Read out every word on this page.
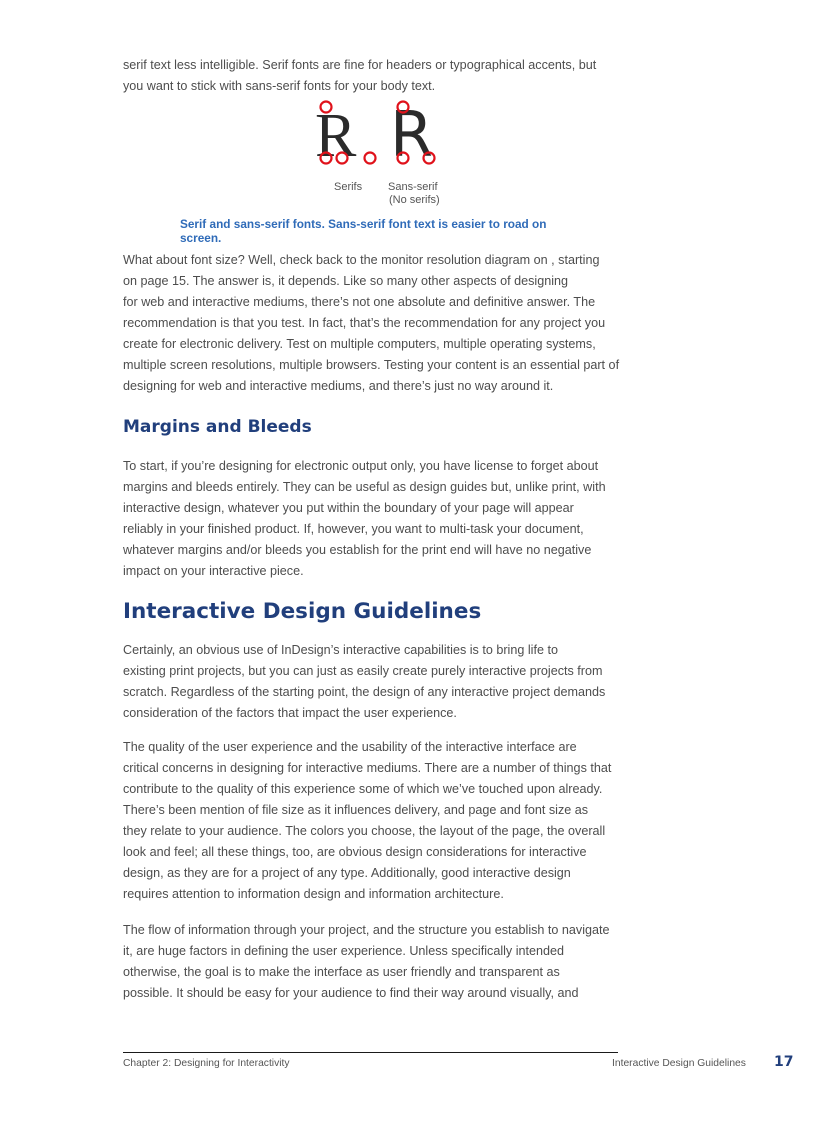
serif text less intelligible. Serif fonts are fine for headers or typographical accents, but

you want to stick with sans-serif fonts for your body text.

R R
Serifs Sans-serif
(No serifs)

Serif and sans-serif fonts. Sans-serif font text is easier to road on screen.

What about font size? Well, check back to the monitor resolution diagram on , starting

on page 15. The answer is, it depends. Like so many other aspects of designing

for web and interactive mediums, there’s not one absolute and definitive answer. The

recommendation is that you test. In fact, that’s the recommendation for any project you

create for electronic delivery. Test on multiple computers, multiple operating systems,

multiple screen resolutions, multiple browsers. Testing your content is an essential part of

designing for web and interactive mediums, and there’s just no way around it.

Margins and Bleeds

To start, if you’re designing for electronic output only, you have license to forget about

margins and bleeds entirely. They can be useful as design guides but, unlike print, with

interactive design, whatever you put within the boundary of your page will appear

reliably in your finished product. If, however, you want to multi-task your document,

whatever margins and/or bleeds you establish for the print end will have no negative

impact on your interactive piece.

Interactive Design Guidelines

Certainly, an obvious use of InDesign’s interactive capabilities is to bring life to

existing print projects, but you can just as easily create purely interactive projects from

scratch. Regardless of the starting point, the design of any interactive project demands

consideration of the factors that impact the user experience.

The quality of the user experience and the usability of the interactive interface are

critical concerns in designing for interactive mediums. There are a number of things that

contribute to the quality of this experience some of which we’ve touched upon already.

There’s been mention of file size as it influences delivery, and page and font size as

they relate to your audience. The colors you choose, the layout of the page, the overall

look and feel; all these things, too, are obvious design considerations for interactive

design, as they are for a project of any type. Additionally, good interactive design

requires attention to information design and information architecture.

The flow of information through your project, and the structure you establish to navigate

it, are huge factors in defining the user experience. Unless specifically intended

otherwise, the goal is to make the interface as user friendly and transparent as

possible. It should be easy for your audience to find their way around visually, and

Chapter 2: Designing for Interactivity	Interactive Design Guidelines 17
